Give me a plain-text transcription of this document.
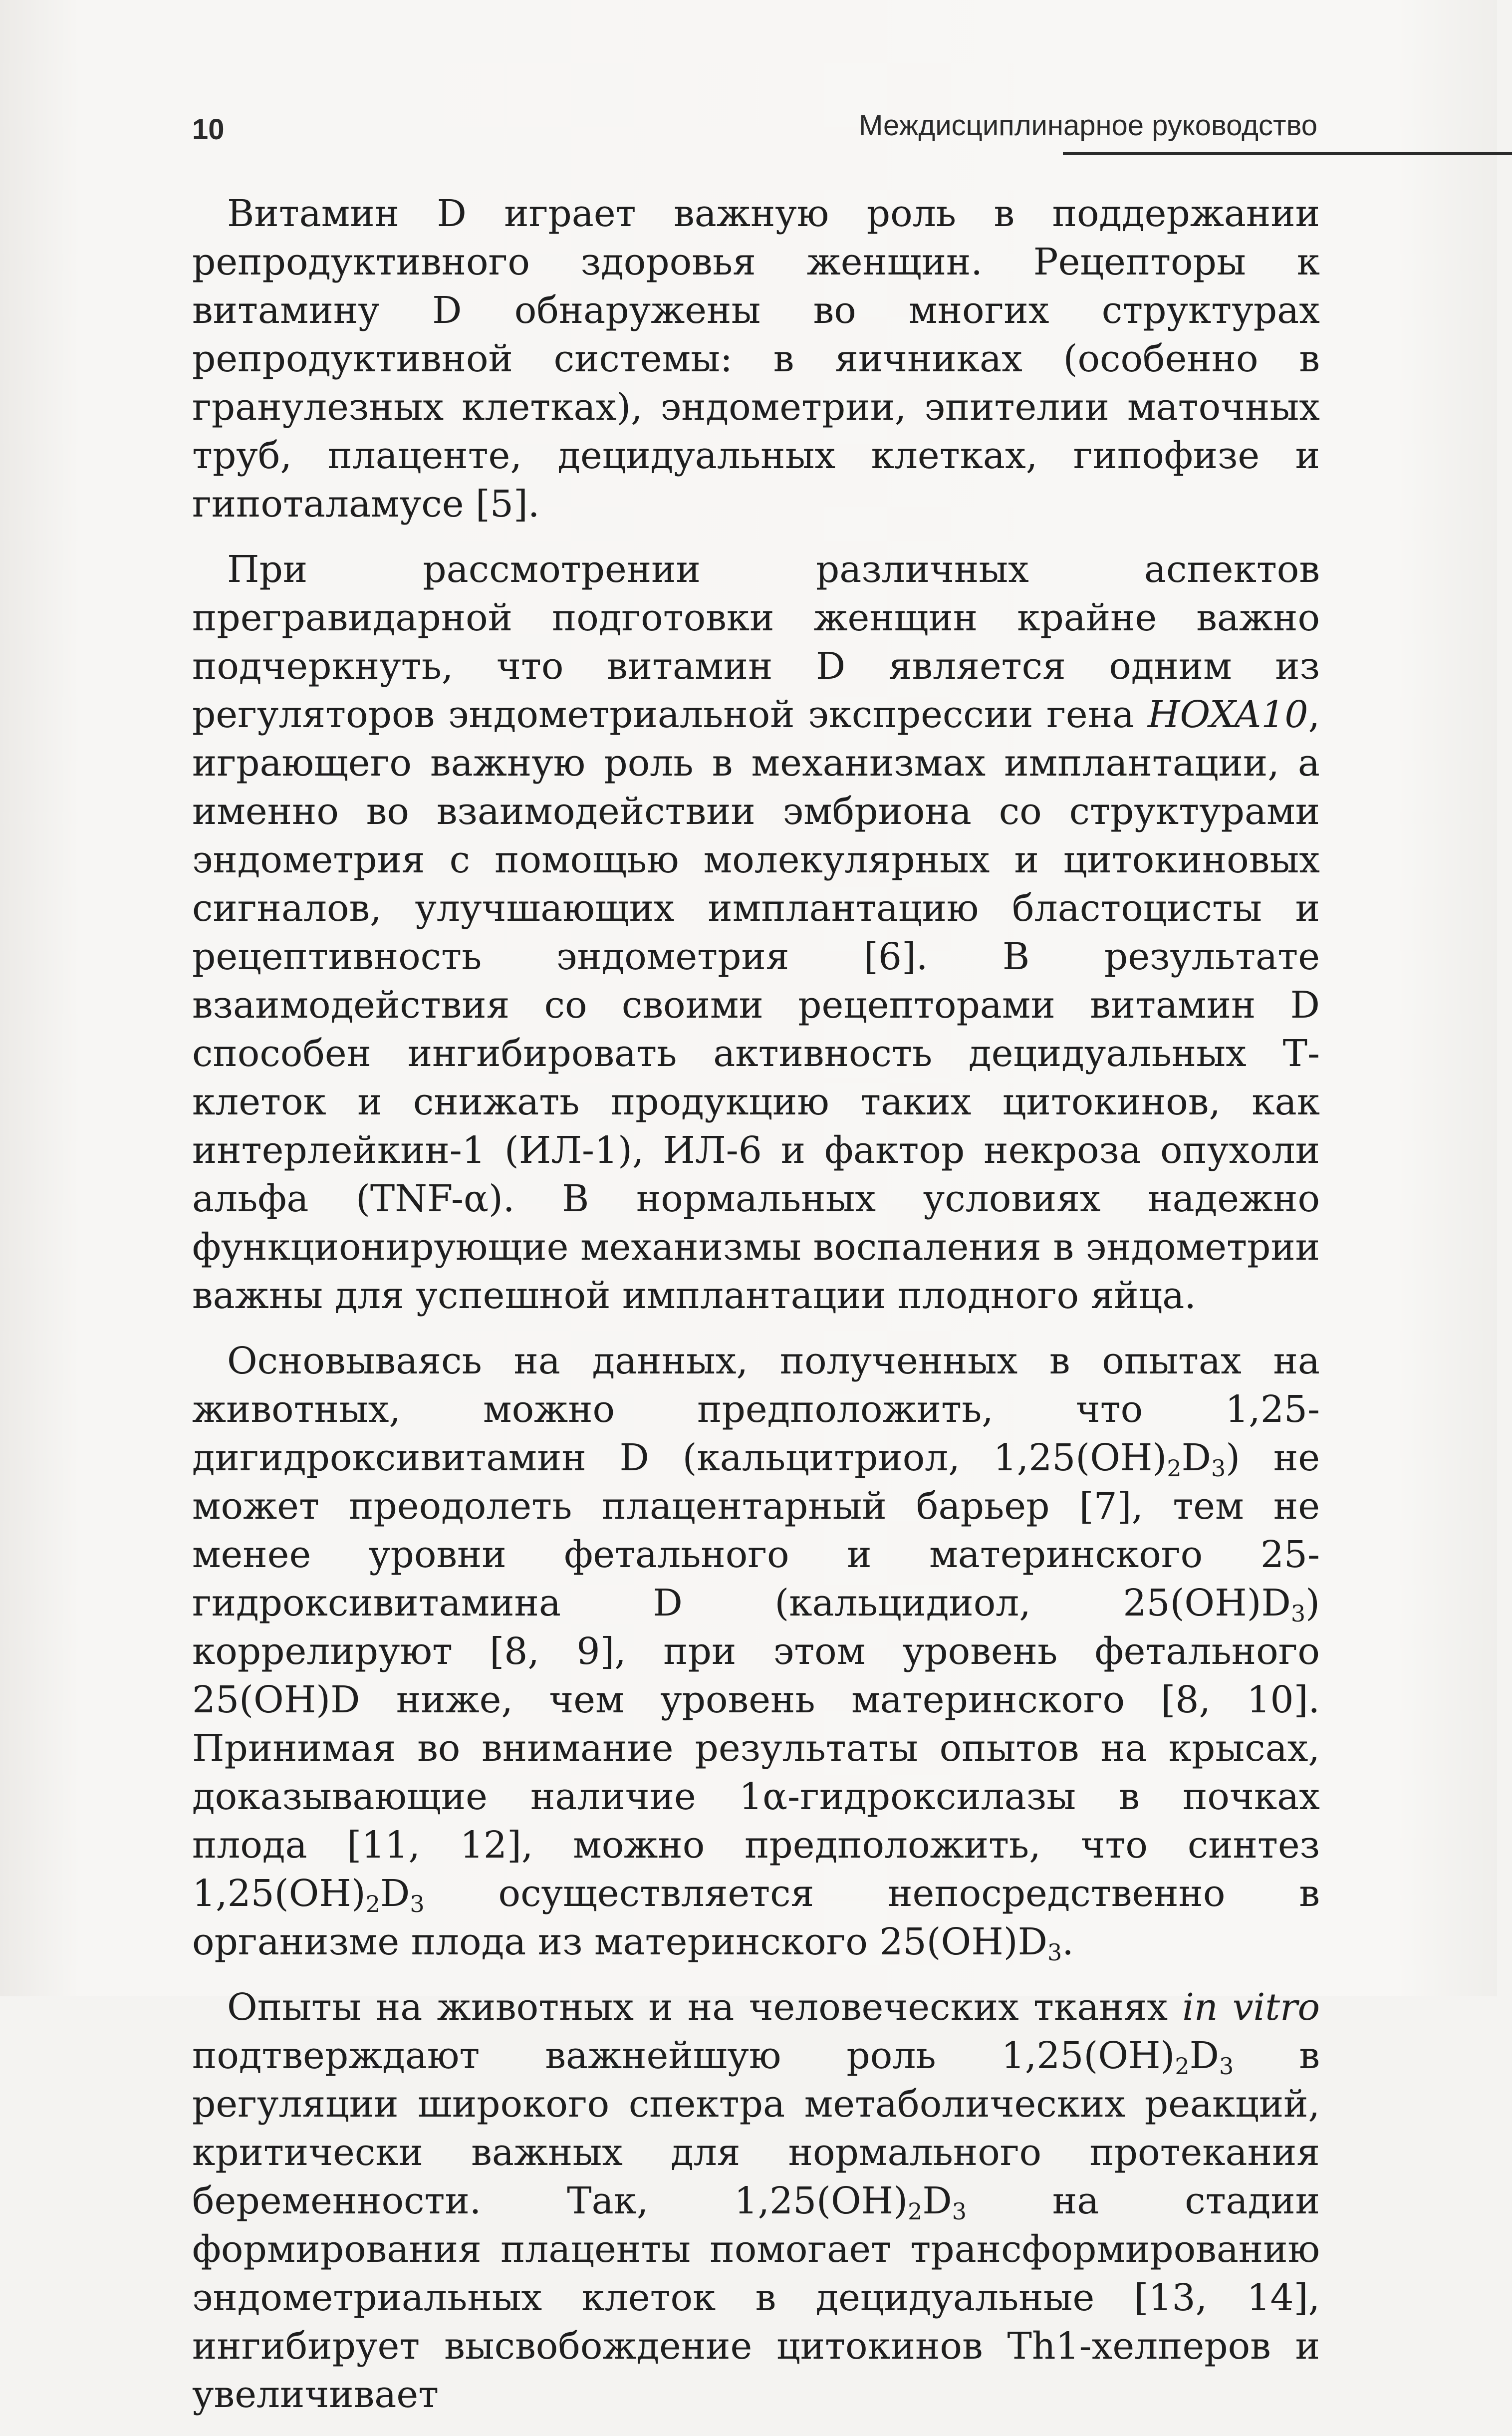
10	Междисциплинарное руководство

Витамин D играет важную роль в поддержании репродуктивного здоровья женщин. Рецепторы к витамину D обнаружены во многих структурах репродуктивной системы: в яичниках (особенно в гранулезных клетках), эндометрии, эпителии маточных труб, плаценте, децидуальных клетках, гипофизе и гипоталамусе [5].

При рассмотрении различных аспектов прегравидарной подготовки женщин крайне важно подчеркнуть, что витамин D является одним из регуляторов эндометриальной экспрессии гена HOXA10, играющего важную роль в механизмах имплантации, а именно во взаимодействии эмбриона со структурами эндометрия с помощью молекулярных и цитокиновых сигналов, улучшающих имплантацию бластоцисты и рецептивность эндометрия [6]. В результате взаимодействия со своими рецепторами витамин D способен ингибировать активность децидуальных Т-клеток и снижать продукцию таких цитокинов, как интерлейкин-1 (ИЛ-1), ИЛ-6 и фактор некроза опухоли альфа (TNF-α). В нормальных условиях надежно функционирующие механизмы воспаления в эндометрии важны для успешной имплантации плодного яйца.

Основываясь на данных, полученных в опытах на животных, можно предположить, что 1,25-дигидроксивитамин D (кальцитриол, $1,25(OH)_2D_3$) не может преодолеть плацентарный барьер [7], тем не менее уровни фетального и материнского 25-гидроксивитамина D (кальцидиол, $25(OH)D_3$) коррелируют [8, 9], при этом уровень фетального 25(OH)D ниже, чем уровень материнского [8, 10]. Принимая во внимание результаты опытов на крысах, доказывающие наличие 1α-гидроксилазы в почках плода [11, 12], можно предположить, что синтез $1,25(OH)_2D_3$ осуществляется непосредственно в организме плода из материнского $25(OH)D_3$.

Опыты на животных и на человеческих тканях in vitro подтверждают важнейшую роль $1,25(OH)_2D_3$ в регуляции широкого спектра метаболических реакций, критически важных для нормального протекания беременности. Так, $1,25(OH)_2D_3$ на стадии формирования плаценты помогает трансформированию эндометриальных клеток в децидуальные [13, 14], ингибирует высвобождение цитокинов Th1-хелперов и увеличивает
